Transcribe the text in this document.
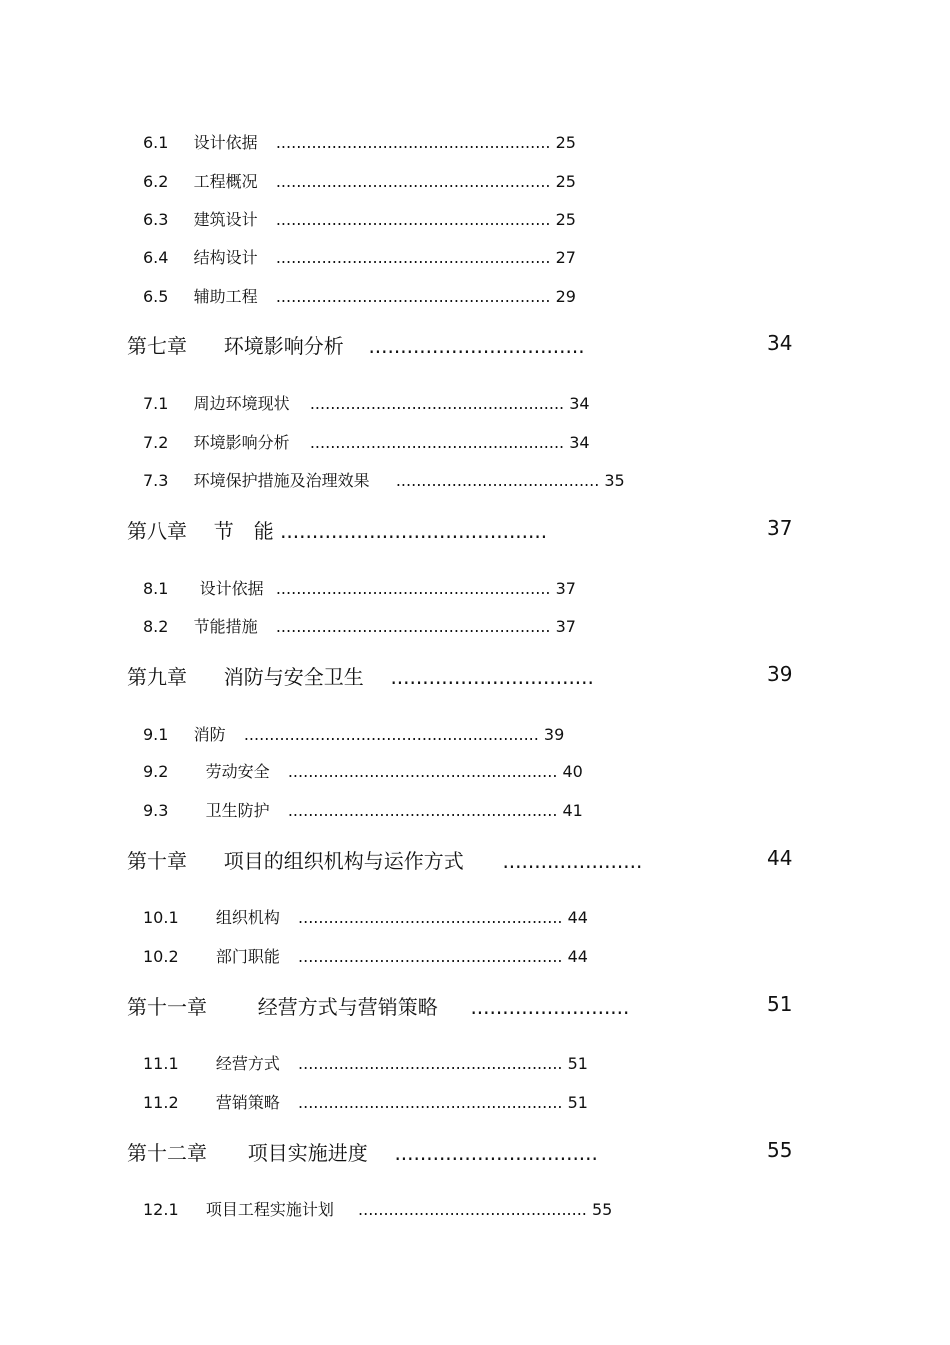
6.1 设计依据 ...................................................... 25
6.2 工程概况 ...................................................... 25
6.3 建筑设计 ...................................................... 25
6.4 结构设计 ...................................................... 27
6.5 辅助工程 ...................................................... 29
第七章 环境影响分析 ..................................	34
7.1 周边环境现状 .................................................. 34
7.2 环境影响分析 .................................................. 34
7.3 环境保护措施及治理效果 ........................................ 35
第八章 节　能 ..........................................	37
8.1 设计依据 ...................................................... 37
8.2 节能措施 ...................................................... 37
第九章 消防与安全卫生 ................................	39
9.1 消防 .......................................................... 39
9.2 劳动安全 ..................................................... 40
9.3 卫生防护 ..................................................... 41
第十章 项目的组织机构与运作方式 ......................	44
10.1 组织机构 .................................................... 44
10.2 部门职能 .................................................... 44
第十一章	经营方式与营销策略 .........................	51
11.1 经营方式 .................................................... 51
11.2 营销策略 .................................................... 51
第十二章 项目实施进度 ................................	55
12.1 项目工程实施计划 ............................................. 55
